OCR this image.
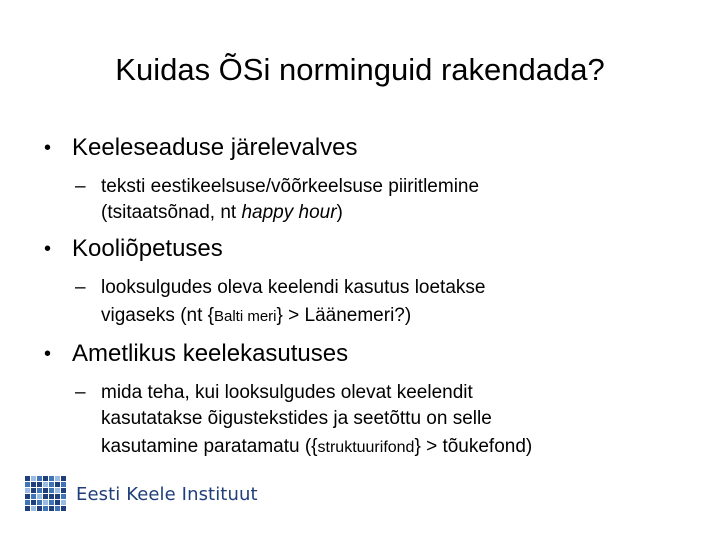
Kuidas ÕSi norminguid rakendada?
• Keeleseaduse järelevalves
– teksti eestikeelsuse/võõrkeelsuse piiritlemine
(tsitaatsõnad, nt happy hour)
• Kooliõpetuses
– looksulgudes oleva keelendi kasutus loetakse
vigaseks (nt {Balti meri} > Läänemeri?)
• Ametlikus keelekasutuses
– mida teha, kui looksulgudes olevat keelendit
kasutatakse õigustekstides ja seetõttu on selle
kasutamine paratamatu ({struktuurifond} > tõukefond)
Eesti Keele Instituut
